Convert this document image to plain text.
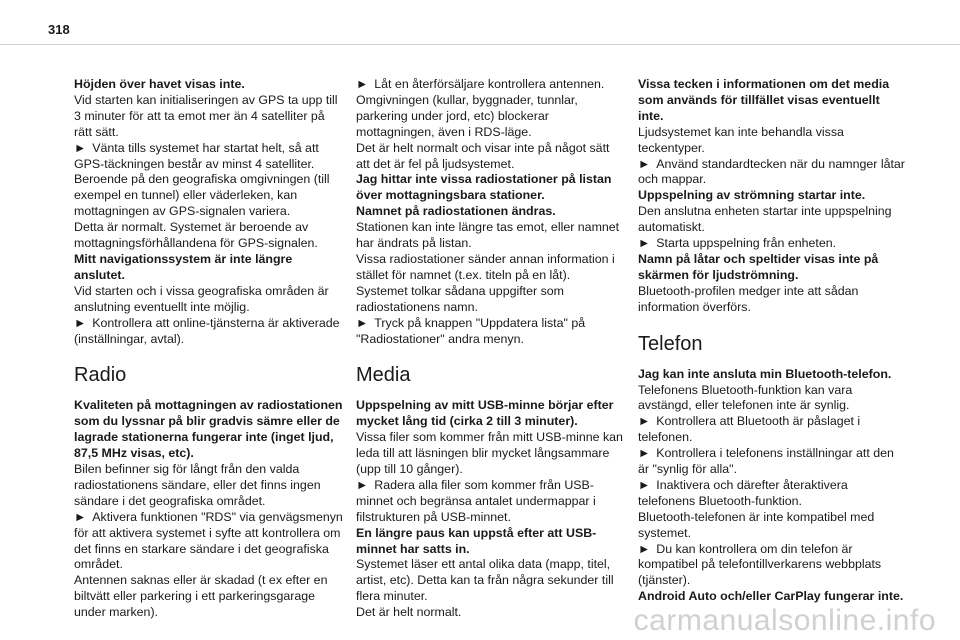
318

Höjden över havet visas inte.

Vid starten kan initialiseringen av GPS ta upp till 3 minuter för att ta emot mer än 4 satelliter på rätt sätt.

► Vänta tills systemet har startat helt, så att GPS-täckningen består av minst 4 satelliter.

Beroende på den geografiska omgivningen (till exempel en tunnel) eller väderleken, kan mottagningen av GPS-signalen variera.

Detta är normalt. Systemet är beroende av mottagningsförhållandena för GPS-signalen.

Mitt navigationssystem är inte längre anslutet.

Vid starten och i vissa geografiska områden är anslutning eventuellt inte möjlig.

► Kontrollera att online-tjänsterna är aktiverade (inställningar, avtal).

Radio

Kvaliteten på mottagningen av radiostationen som du lyssnar på blir gradvis sämre eller de lagrade stationerna fungerar inte (inget ljud, 87,5 MHz visas, etc).

Bilen befinner sig för långt från den valda radiostationens sändare, eller det finns ingen sändare i det geografiska området.

► Aktivera funktionen "RDS" via genvägsmenyn för att aktivera systemet i syfte att kontrollera om det finns en starkare sändare i det geografiska området.

Antennen saknas eller är skadad (t ex efter en biltvätt eller parkering i ett parkeringsgarage under marken).

► Låt en återförsäljare kontrollera antennen.

Omgivningen (kullar, byggnader, tunnlar, parkering under jord, etc) blockerar mottagningen, även i RDS-läge.

Det är helt normalt och visar inte på något sätt att det är fel på ljudsystemet.

Jag hittar inte vissa radiostationer på listan över mottagningsbara stationer.

Namnet på radiostationen ändras.

Stationen kan inte längre tas emot, eller namnet har ändrats på listan.

Vissa radiostationer sänder annan information i stället för namnet (t.ex. titeln på en låt).

Systemet tolkar sådana uppgifter som radiostationens namn.

► Tryck på knappen "Uppdatera lista" på "Radiostationer" andra menyn.

Media

Uppspelning av mitt USB-minne börjar efter mycket lång tid (cirka 2 till 3 minuter).

Vissa filer som kommer från mitt USB-minne kan leda till att läsningen blir mycket långsammare (upp till 10 gånger).

► Radera alla filer som kommer från USB-minnet och begränsa antalet undermappar i filstrukturen på USB-minnet.

En längre paus kan uppstå efter att USB-minnet har satts in.

Systemet läser ett antal olika data (mapp, titel, artist, etc). Detta kan ta från några sekunder till flera minuter.

Det är helt normalt.

Vissa tecken i informationen om det media som används för tillfället visas eventuellt inte.

Ljudsystemet kan inte behandla vissa teckentyper.

► Använd standardtecken när du namnger låtar och mappar.

Uppspelning av strömning startar inte.

Den anslutna enheten startar inte uppspelning automatiskt.

► Starta uppspelning från enheten.

Namn på låtar och speltider visas inte på skärmen för ljudströmning.

Bluetooth-profilen medger inte att sådan information överförs.

Telefon

Jag kan inte ansluta min Bluetooth-telefon.

Telefonens Bluetooth-funktion kan vara avstängd, eller telefonen inte är synlig.

► Kontrollera att Bluetooth är påslaget i telefonen.

► Kontrollera i telefonens inställningar att den är "synlig för alla".

► Inaktivera och därefter återaktivera telefonens Bluetooth-funktion.

Bluetooth-telefonen är inte kompatibel med systemet.

► Du kan kontrollera om din telefon är kompatibel på telefontillverkarens webbplats (tjänster).

Android Auto och/eller CarPlay fungerar inte.

carmanualsonline.info
